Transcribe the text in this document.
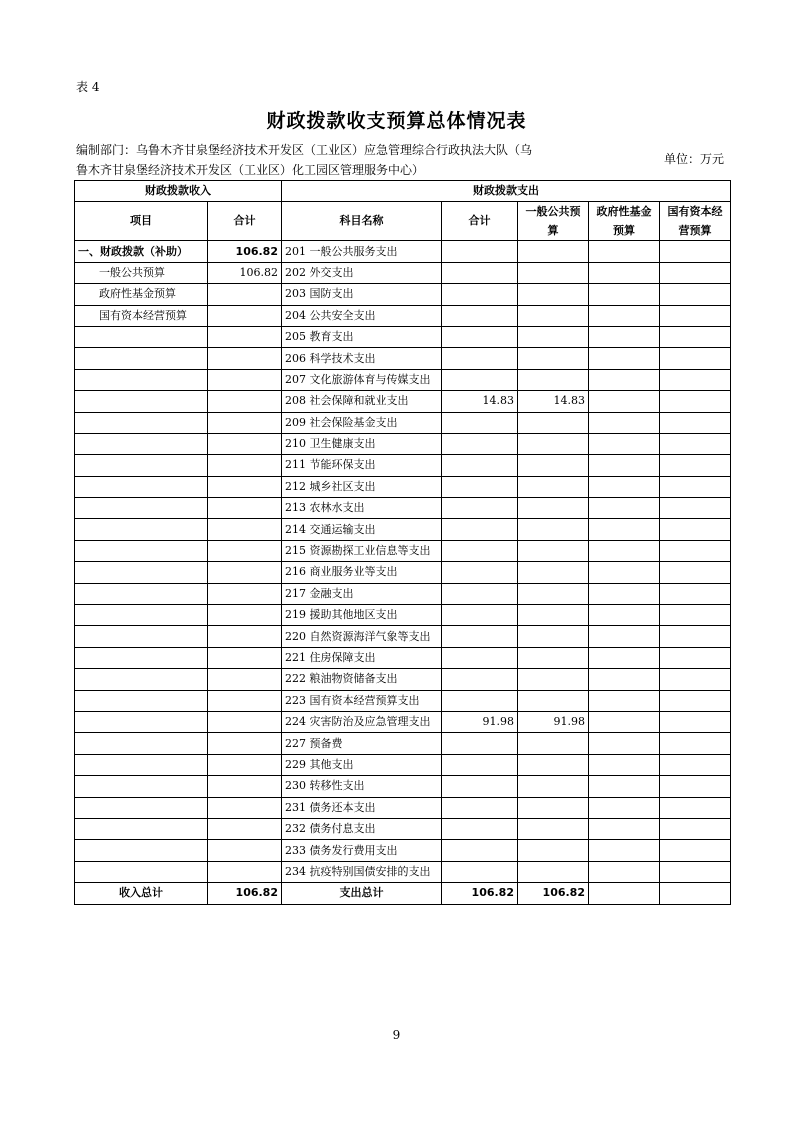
表 4
财政拨款收支预算总体情况表
编制部门：乌鲁木齐甘泉堡经济技术开发区（工业区）应急管理综合行政执法大队（乌鲁木齐甘泉堡经济技术开发区（工业区）化工园区管理服务中心）
单位：万元
财政拨款收入		财政拨款支出				
项目	合计	科目名称	合计	一般公共预算	政府性基金预算	国有资本经营预算
一、财政拨款（补助）	106.82	201 一般公共服务支出				
一般公共预算	106.82	202 外交支出				
政府性基金预算		203 国防支出				
国有资本经营预算		204 公共安全支出				
		205 教育支出				
		206 科学技术支出				
		207 文化旅游体育与传媒支出				
		208 社会保障和就业支出	14.83	14.83		
		209 社会保险基金支出				
		210 卫生健康支出				
		211 节能环保支出				
		212 城乡社区支出				
		213 农林水支出				
		214 交通运输支出				
		215 资源勘探工业信息等支出				
		216 商业服务业等支出				
		217 金融支出				
		219 援助其他地区支出				
		220 自然资源海洋气象等支出				
		221 住房保障支出				
		222 粮油物资储备支出				
		223 国有资本经营预算支出				
		224 灾害防治及应急管理支出	91.98	91.98		
		227 预备费				
		229 其他支出				
		230 转移性支出				
		231 债务还本支出				
		232 债务付息支出				
		233 债务发行费用支出				
		234 抗疫特别国债安排的支出				
收入总计	106.82	支出总计	106.82	106.82		
9
